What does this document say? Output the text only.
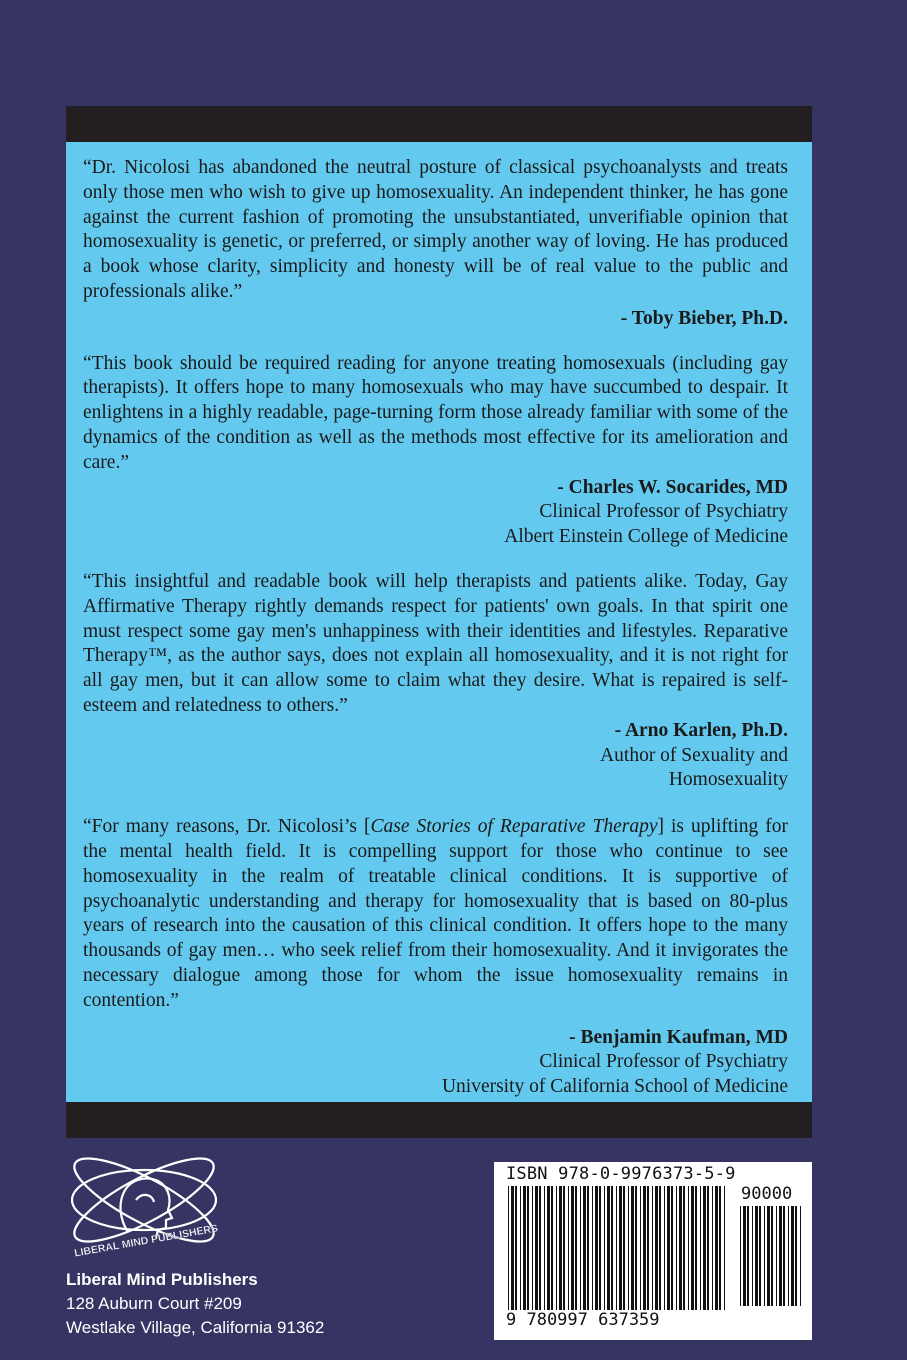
“Dr. Nicolosi has abandoned the neutral posture of classical psychoanalysts and treats only those men who wish to give up homosexuality. An independent thinker, he has gone against the current fashion of promoting the unsubstantiated, unverifiable opinion that homosexuality is genetic, or preferred, or simply another way of loving. He has produced a book whose clarity, simplicity and honesty will be of real value to the public and professionals alike.”

- Toby Bieber, Ph.D.

“This book should be required reading for anyone treating homosexuals (including gay therapists). It offers hope to many homosexuals who may have succumbed to despair. It enlightens in a highly readable, page-turning form those already familiar with some of the dynamics of the condition as well as the methods most effective for its amelioration and care.”

- Charles W. Socarides, MD

Clinical Professor of Psychiatry

Albert Einstein College of Medicine

“This insightful and readable book will help therapists and patients alike. Today, Gay Affirmative Therapy rightly demands respect for patients' own goals. In that spirit one must respect some gay men's unhappiness with their identities and lifestyles. Reparative Therapy™, as the author says, does not explain all homosexuality, and it is not right for all gay men, but it can allow some to claim what they desire. What is repaired is self-esteem and relatedness to others.”

- Arno Karlen, Ph.D.

Author of Sexuality and

Homosexuality

“For many reasons, Dr. Nicolosi’s [Case Stories of Reparative Therapy] is uplifting for the mental health field. It is compelling support for those who continue to see homosexuality in the realm of treatable clinical conditions. It is supportive of psychoanalytic understanding and therapy for homosexuality that is based on 80-plus years of research into the causation of this clinical condition. It offers hope to the many thousands of gay men… who seek relief from their homosexuality. And it invigorates the necessary dialogue among those for whom the issue homosexuality remains in contention.”

- Benjamin Kaufman, MD

Clinical Professor of Psychiatry

University of California School of Medicine

LIBERAL MIND PUBLISHERS
Liberal Mind Publishers
128 Auburn Court #209
Westlake Village, California 91362
ISBN 978-0-9976373-5-9
90000
9 780997 637359
